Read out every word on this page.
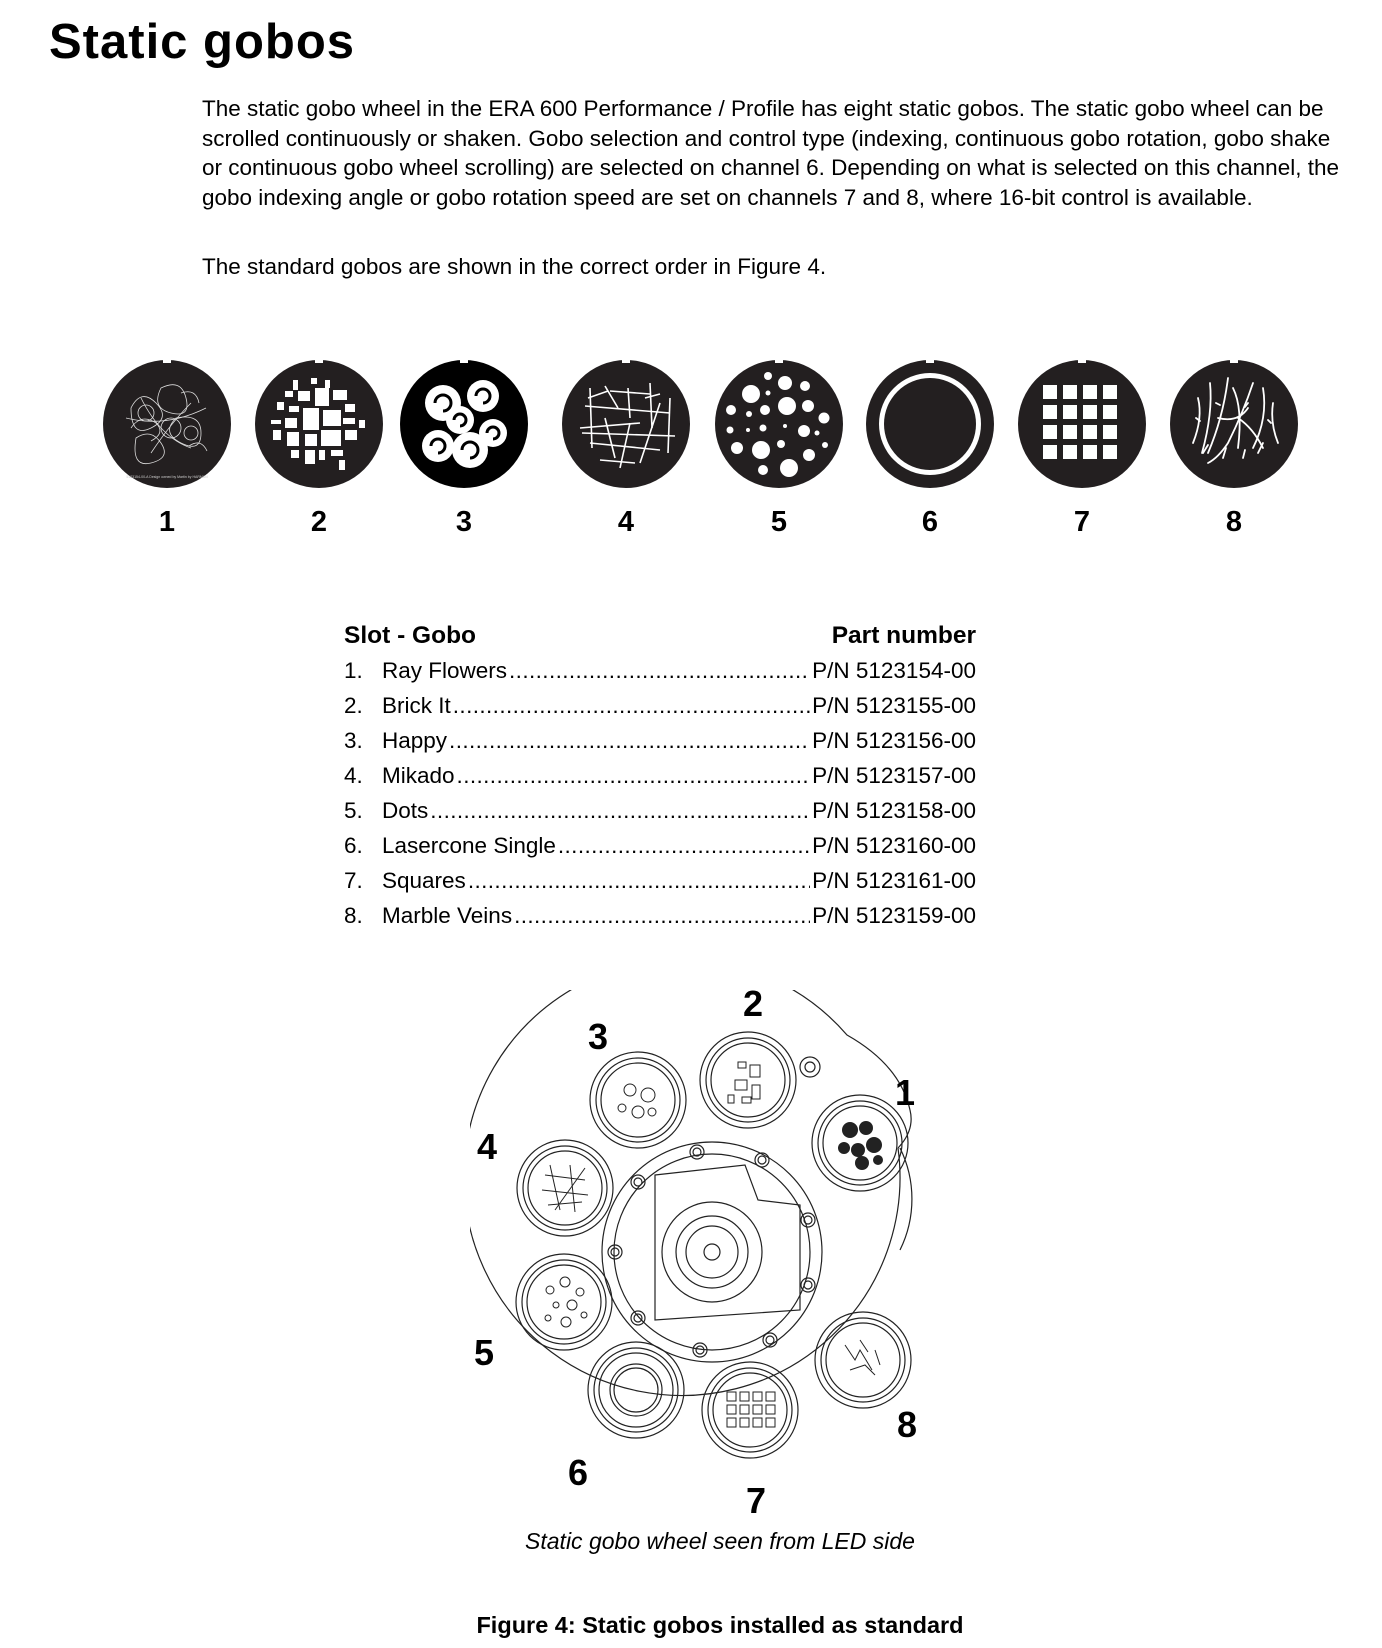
Static gobos

The static gobo wheel in the ERA 600 Performance / Profile has eight static gobos. The static gobo wheel can be scrolled continuously or shaken. Gobo selection and control type (indexing, continuous gobo rotation, gobo shake or continuous gobo wheel scrolling) are selected on channel 6. Depending on what is selected on this channel, the gobo indexing angle or gobo rotation speed are set on channels 7 and 8, where 16-bit control is available.

The standard gobos are shown in the correct order in Figure 4.

5123154-00-A Design owned by Martin by HARMAN
1	2	3	4	5	6	7	8
Slot - Gobo	Part number
1. Ray Flowers .....	P/N 5123154-00
2. Brick It .....	P/N 5123155-00
3. Happy .....	P/N 5123156-00
4. Mikado .....	P/N 5123157-00
5. Dots .....	P/N 5123158-00
6. Lasercone Single .....	P/N 5123160-00
7. Squares .....	P/N 5123161-00
8. Marble Veins .....	P/N 5123159-00
1
2
3
4
5
6
7
8
Static gobo wheel seen from LED side
Figure 4: Static gobos installed as standard
